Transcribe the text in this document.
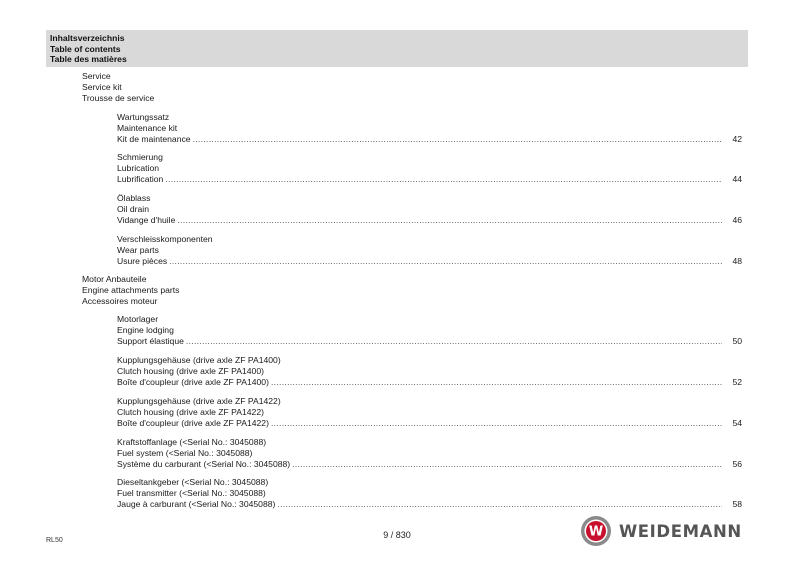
Inhaltsverzeichnis
Table of contents
Table des matières
Service
Service kit
Trousse de service
Wartungssatz
Maintenance kit
Kit de maintenance .....	42
Schmierung
Lubrication
Lubrification .....	44
Ölablass
Oil drain
Vidange d'huile .....	46
Verschleisskomponenten
Wear parts
Usure pièces .....	48
Motor Anbauteile
Engine attachments parts
Accessoires moteur
Motorlager
Engine lodging
Support élastique .....	50
Kupplungsgehäuse (drive axle ZF PA1400)
Clutch housing (drive axle ZF PA1400)
Boîte d'coupleur (drive axle ZF PA1400) .....	52
Kupplungsgehäuse (drive axle ZF PA1422)
Clutch housing (drive axle ZF PA1422)
Boîte d'coupleur (drive axle ZF PA1422) .....	54
Kraftstoffanlage (<Serial No.: 3045088)
Fuel system (<Serial No.: 3045088)
Système du carburant (<Serial No.: 3045088) .....	56
Dieseltankgeber (<Serial No.: 3045088)
Fuel transmitter (<Serial No.: 3045088)
Jauge à carburant (<Serial No.: 3045088) .....	58
RL50
9 / 830	W WEIDEMANN
